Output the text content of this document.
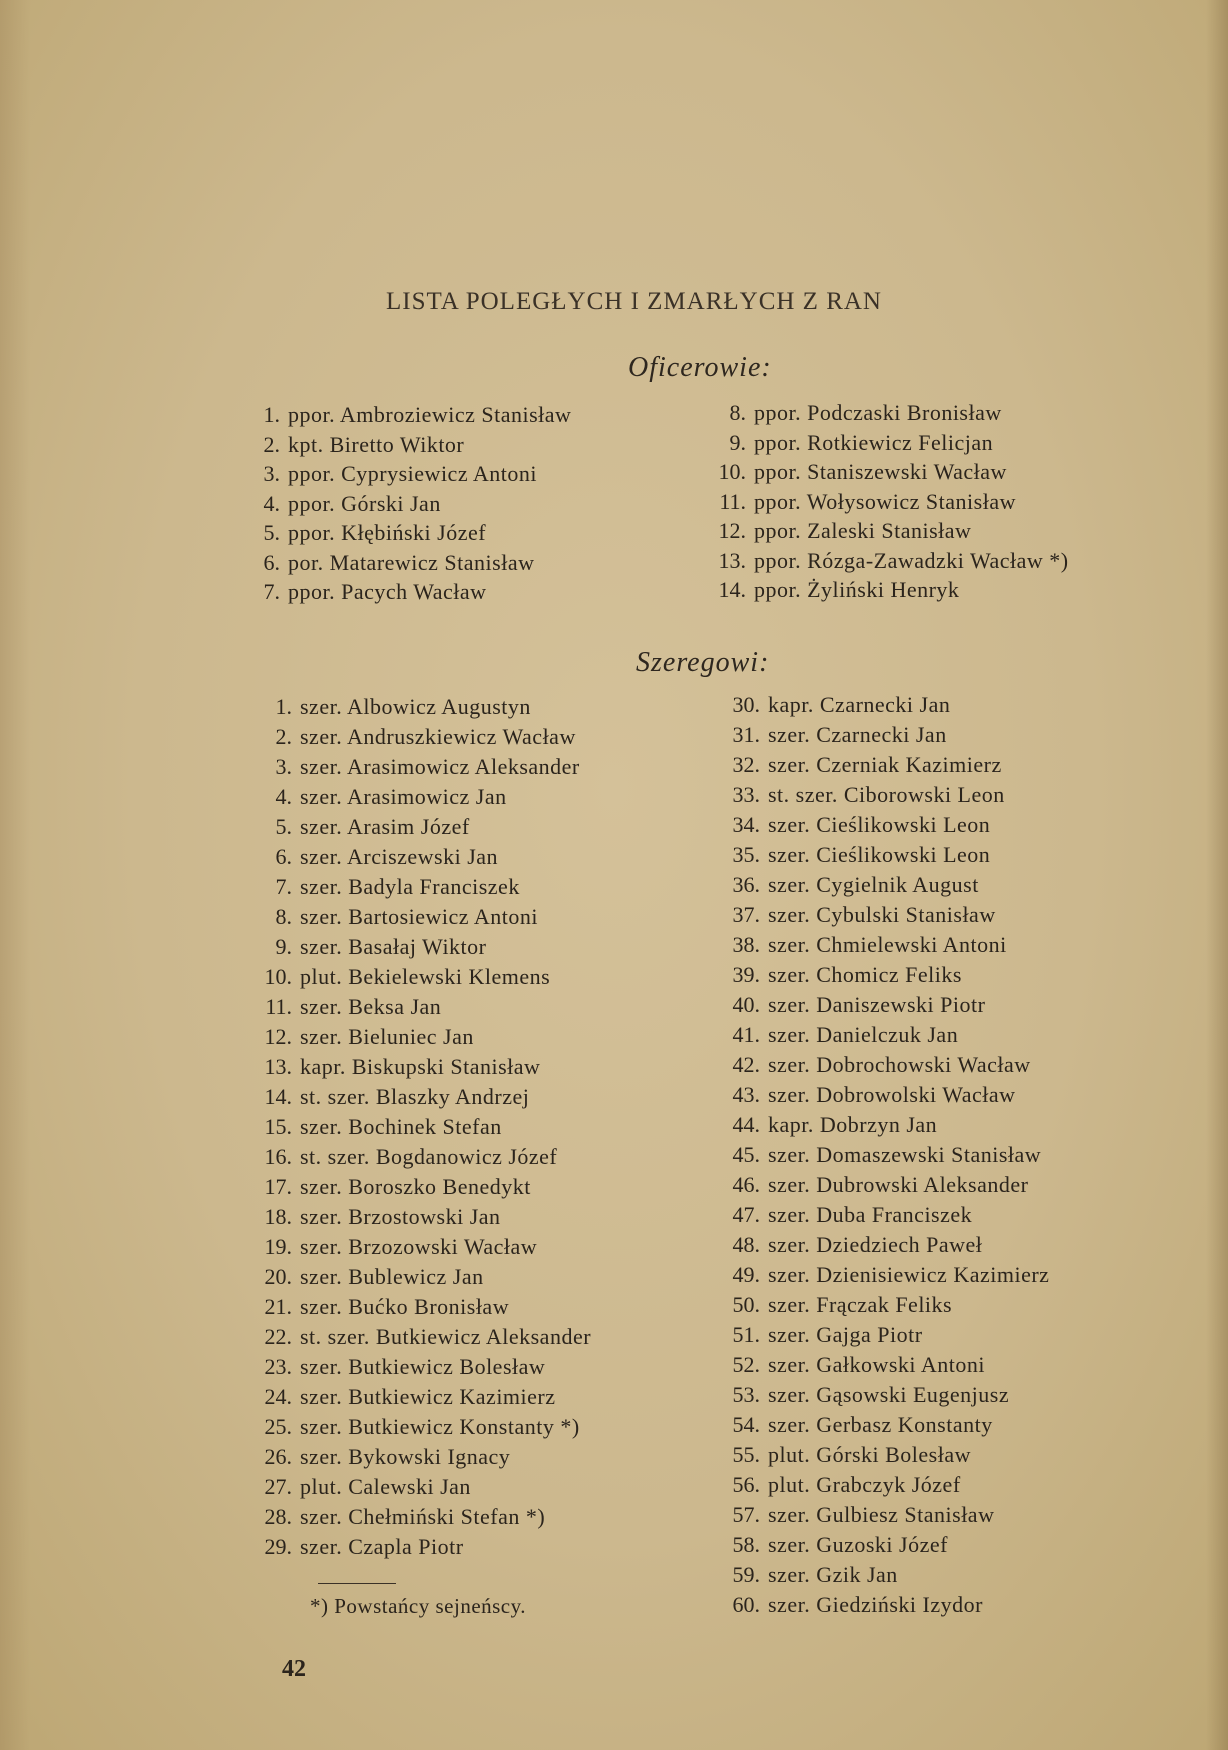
LISTA POLEGŁYCH I ZMARŁYCH Z RAN
Oficerowie:
1. ppor. Ambroziewicz Stanisław
2. kpt. Biretto Wiktor
3. ppor. Cyprysiewicz Antoni
4. ppor. Górski Jan
5. ppor. Kłębiński Józef
6. por. Matarewicz Stanisław
7. ppor. Pacych Wacław
8. ppor. Podczaski Bronisław
9. ppor. Rotkiewicz Felicjan
10. ppor. Staniszewski Wacław
11. ppor. Wołysowicz Stanisław
12. ppor. Zaleski Stanisław
13. ppor. Rózga-Zawadzki Wacław *)
14. ppor. Żyliński Henryk
Szeregowi:
1. szer. Albowicz Augustyn
2. szer. Andruszkiewicz Wacław
3. szer. Arasimowicz Aleksander
4. szer. Arasimowicz Jan
5. szer. Arasim Józef
6. szer. Arciszewski Jan
7. szer. Badyla Franciszek
8. szer. Bartosiewicz Antoni
9. szer. Basałaj Wiktor
10. plut. Bekielewski Klemens
11. szer. Beksa Jan
12. szer. Bieluniec Jan
13. kapr. Biskupski Stanisław
14. st. szer. Blaszky Andrzej
15. szer. Bochinek Stefan
16. st. szer. Bogdanowicz Józef
17. szer. Boroszko Benedykt
18. szer. Brzostowski Jan
19. szer. Brzozowski Wacław
20. szer. Bublewicz Jan
21. szer. Bućko Bronisław
22. st. szer. Butkiewicz Aleksander
23. szer. Butkiewicz Bolesław
24. szer. Butkiewicz Kazimierz
25. szer. Butkiewicz Konstanty *)
26. szer. Bykowski Ignacy
27. plut. Calewski Jan
28. szer. Chełmiński Stefan *)
29. szer. Czapla Piotr
30. kapr. Czarnecki Jan
31. szer. Czarnecki Jan
32. szer. Czerniak Kazimierz
33. st. szer. Ciborowski Leon
34. szer. Cieślikowski Leon
35. szer. Cieślikowski Leon
36. szer. Cygielnik August
37. szer. Cybulski Stanisław
38. szer. Chmielewski Antoni
39. szer. Chomicz Feliks
40. szer. Daniszewski Piotr
41. szer. Danielczuk Jan
42. szer. Dobrochowski Wacław
43. szer. Dobrowolski Wacław
44. kapr. Dobrzyn Jan
45. szer. Domaszewski Stanisław
46. szer. Dubrowski Aleksander
47. szer. Duba Franciszek
48. szer. Dziedziech Paweł
49. szer. Dzienisiewicz Kazimierz
50. szer. Frączak Feliks
51. szer. Gajga Piotr
52. szer. Gałkowski Antoni
53. szer. Gąsowski Eugenjusz
54. szer. Gerbasz Konstanty
55. plut. Górski Bolesław
56. plut. Grabczyk Józef
57. szer. Gulbiesz Stanisław
58. szer. Guzoski Józef
59. szer. Gzik Jan
60. szer. Giedziński Izydor
*) Powstańcy sejneńscy.
42
